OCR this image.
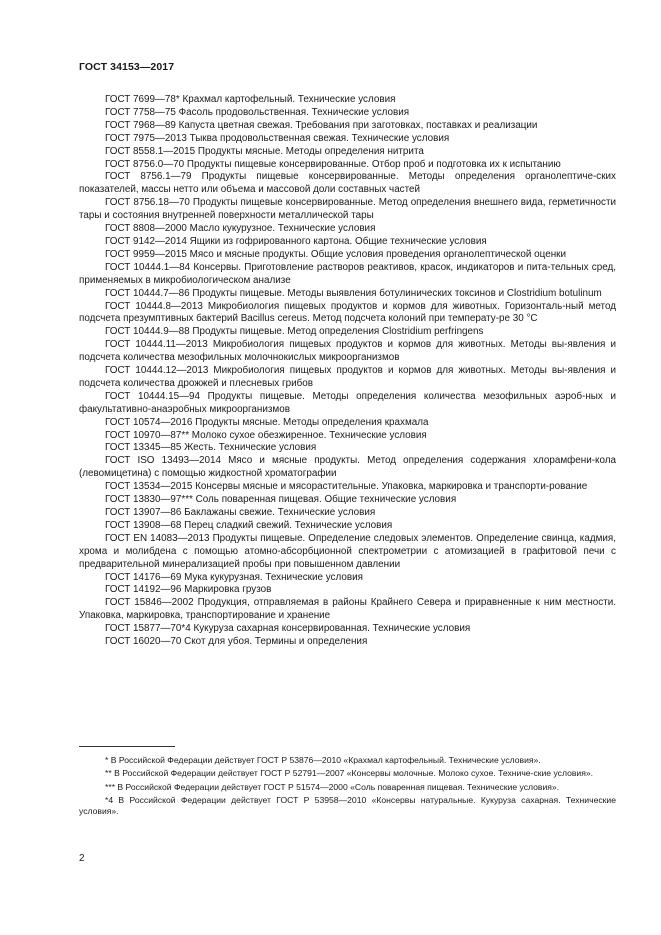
ГОСТ 34153—2017

ГОСТ 7699—78* Крахмал картофельный. Технические условия

ГОСТ 7758—75 Фасоль продовольственная. Технические условия

ГОСТ 7968—89 Капуста цветная свежая. Требования при заготовках, поставках и реализации

ГОСТ 7975—2013 Тыква продовольственная свежая. Технические условия

ГОСТ 8558.1—2015 Продукты мясные. Методы определения нитрита

ГОСТ 8756.0—70 Продукты пищевые консервированные. Отбор проб и подготовка их к испытанию

ГОСТ 8756.1—79 Продукты пищевые консервированные. Методы определения органолептиче-ских показателей, массы нетто или объема и массовой доли составных частей

ГОСТ 8756.18—70 Продукты пищевые консервированные. Метод определения внешнего вида, герметичности тары и состояния внутренней поверхности металлической тары

ГОСТ 8808—2000 Масло кукурузное. Технические условия

ГОСТ 9142—2014 Ящики из гофрированного картона. Общие технические условия

ГОСТ 9959—2015 Мясо и мясные продукты. Общие условия проведения органолептической оценки

ГОСТ 10444.1—84 Консервы. Приготовление растворов реактивов, красок, индикаторов и пита-тельных сред, применяемых в микробиологическом анализе

ГОСТ 10444.7—86 Продукты пищевые. Методы выявления ботулинических токсинов и Clostridium botulinum

ГОСТ 10444.8—2013 Микробиология пищевых продуктов и кормов для животных. Горизонталь-ный метод подсчета презумптивных бактерий Bacillus cereus. Метод подсчета колоний при температу-ре 30 °С

ГОСТ 10444.9—88 Продукты пищевые. Метод определения Clostridium perfringens

ГОСТ 10444.11—2013 Микробиология пищевых продуктов и кормов для животных. Методы вы-явления и подсчета количества мезофильных молочнокислых микроорганизмов

ГОСТ 10444.12—2013 Микробиология пищевых продуктов и кормов для животных. Методы вы-явления и подсчета количества дрожжей и плесневых грибов

ГОСТ 10444.15—94 Продукты пищевые. Методы определения количества мезофильных аэроб-ных и факультативно-анаэробных микроорганизмов

ГОСТ 10574—2016 Продукты мясные. Методы определения крахмала

ГОСТ 10970—87** Молоко сухое обезжиренное. Технические условия

ГОСТ 13345—85 Жесть. Технические условия

ГОСТ ISO 13493—2014 Мясо и мясные продукты. Метод определения содержания хлорамфени-кола (левомицетина) с помощью жидкостной хроматографии

ГОСТ 13534—2015 Консервы мясные и мясорастительные. Упаковка, маркировка и транспорти-рование

ГОСТ 13830—97*** Соль поваренная пищевая. Общие технические условия

ГОСТ 13907—86 Баклажаны свежие. Технические условия

ГОСТ 13908—68 Перец сладкий свежий. Технические условия

ГОСТ EN 14083—2013 Продукты пищевые. Определение следовых элементов. Определение свинца, кадмия, хрома и молибдена с помощью атомно-абсорбционной спектрометрии с атомизацией в графитовой печи с предварительной минерализацией пробы при повышенном давлении

ГОСТ 14176—69 Мука кукурузная. Технические условия

ГОСТ 14192—96 Маркировка грузов

ГОСТ 15846—2002 Продукция, отправляемая в районы Крайнего Севера и приравненные к ним местности. Упаковка, маркировка, транспортирование и хранение

ГОСТ 15877—70*4 Кукуруза сахарная консервированная. Технические условия

ГОСТ 16020—70 Скот для убоя. Термины и определения

* В Российской Федерации действует ГОСТ Р 53876—2010 «Крахмал картофельный. Технические условия».

** В Российской Федерации действует ГОСТ Р 52791—2007 «Консервы молочные. Молоко сухое. Техниче-ские условия».

*** В Российской Федерации действует ГОСТ Р 51574—2000 «Соль поваренная пищевая. Технические условия».

*4 В Российской Федерации действует ГОСТ Р 53958—2010 «Консервы натуральные. Кукуруза сахарная. Технические условия».

2
